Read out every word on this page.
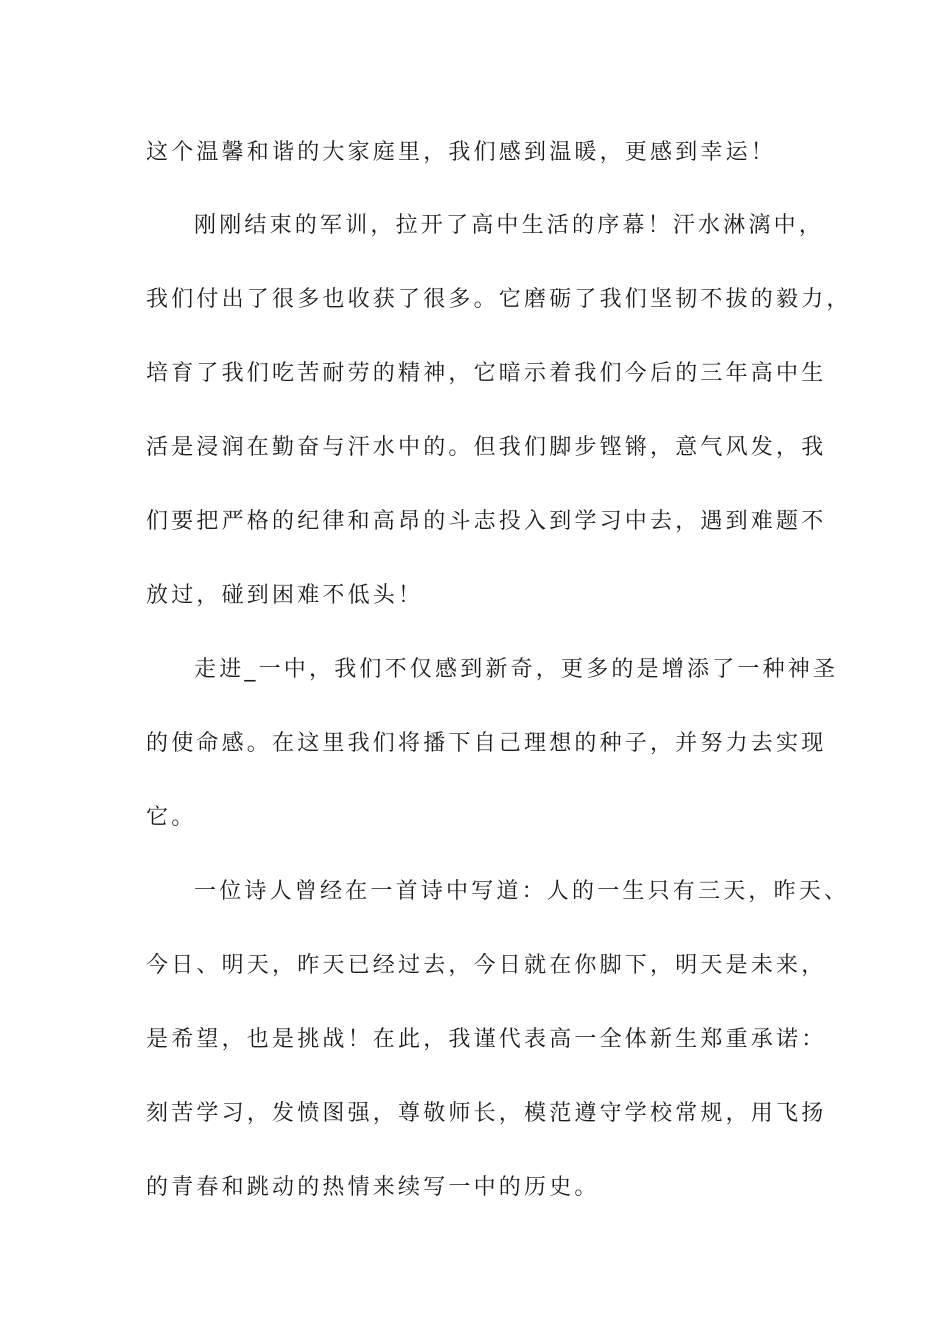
这个温馨和谐的大家庭里，我们感到温暖，更感到幸运！
刚刚结束的军训，拉开了高中生活的序幕！汗水淋漓中，
我们付出了很多也收获了很多。它磨砺了我们坚韧不拔的毅力，
培育了我们吃苦耐劳的精神，它暗示着我们今后的三年高中生
活是浸润在勤奋与汗水中的。但我们脚步铿锵，意气风发，我
们要把严格的纪律和高昂的斗志投入到学习中去，遇到难题不
放过，碰到困难不低头！
走进_一中，我们不仅感到新奇，更多的是增添了一种神圣
的使命感。在这里我们将播下自己理想的种子，并努力去实现
它。
一位诗人曾经在一首诗中写道：人的一生只有三天，昨天、
今日、明天，昨天已经过去，今日就在你脚下，明天是未来，
是希望，也是挑战！在此，我谨代表高一全体新生郑重承诺：
刻苦学习，发愤图强，尊敬师长，模范遵守学校常规，用飞扬
的青春和跳动的热情来续写一中的历史。
